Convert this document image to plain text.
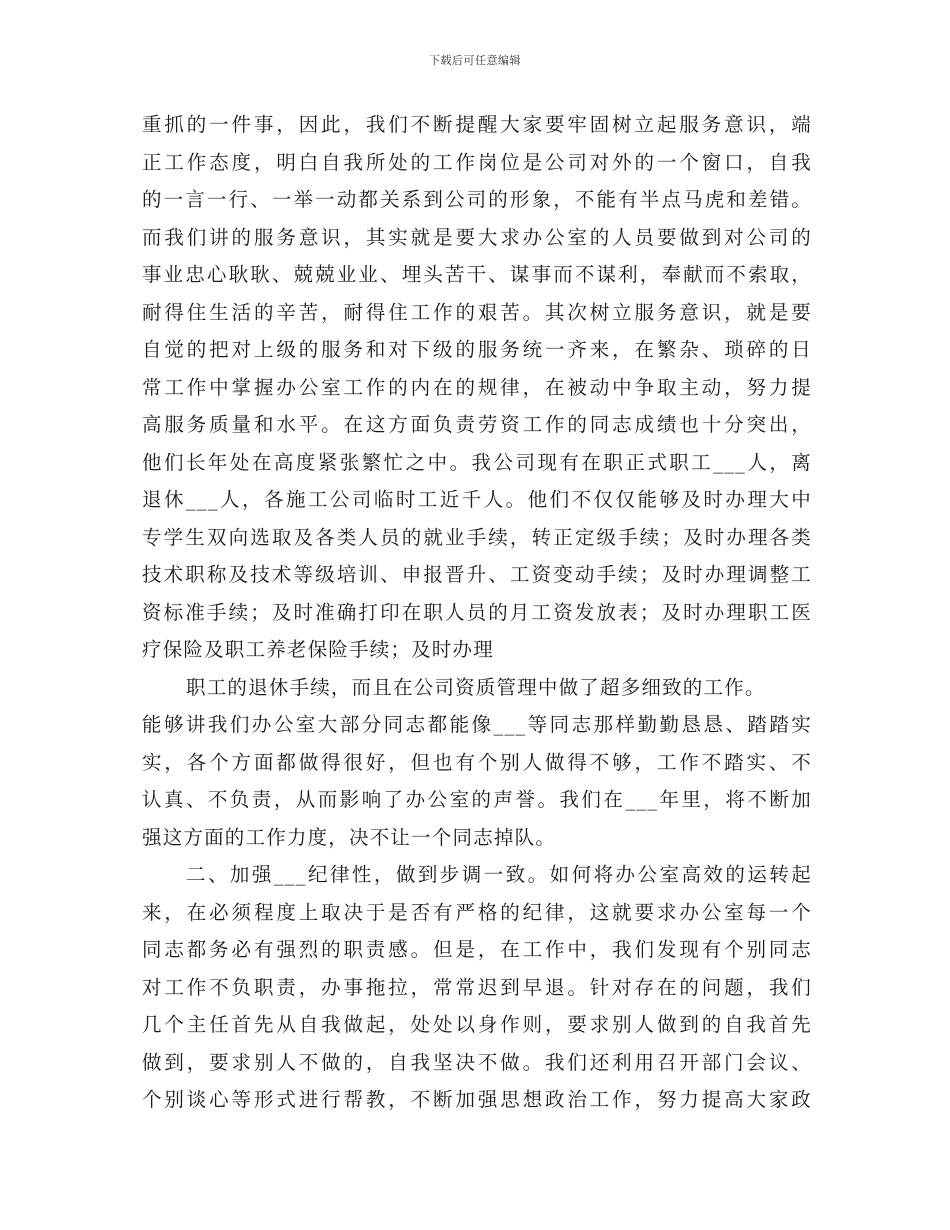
下载后可任意编辑
重抓的一件事，因此，我们不断提醒大家要牢固树立起服务意识，端
正工作态度，明白自我所处的工作岗位是公司对外的一个窗口，自我
的一言一行、一举一动都关系到公司的形象，不能有半点马虎和差错。
而我们讲的服务意识，其实就是要大求办公室的人员要做到对公司的
事业忠心耿耿、兢兢业业、埋头苦干、谋事而不谋利，奉献而不索取，
耐得住生活的辛苦，耐得住工作的艰苦。其次树立服务意识，就是要
自觉的把对上级的服务和对下级的服务统一齐来，在繁杂、琐碎的日
常工作中掌握办公室工作的内在的规律，在被动中争取主动，努力提
高服务质量和水平。在这方面负责劳资工作的同志成绩也十分突出，
他们长年处在高度紧张繁忙之中。我公司现有在职正式职工___人，离
退休___人，各施工公司临时工近千人。他们不仅仅能够及时办理大中
专学生双向选取及各类人员的就业手续，转正定级手续；及时办理各类
技术职称及技术等级培训、申报晋升、工资变动手续；及时办理调整工
资标准手续；及时准确打印在职人员的月工资发放表；及时办理职工医
疗保险及职工养老保险手续；及时办理
职工的退休手续，而且在公司资质管理中做了超多细致的工作。
能够讲我们办公室大部分同志都能像___等同志那样勤勤恳恳、踏踏实
实，各个方面都做得很好，但也有个别人做得不够，工作不踏实、不
认真、不负责，从而影响了办公室的声誉。我们在___年里，将不断加
强这方面的工作力度，决不让一个同志掉队。
二、加强___纪律性，做到步调一致。如何将办公室高效的运转起
来，在必须程度上取决于是否有严格的纪律，这就要求办公室每一个
同志都务必有强烈的职责感。但是，在工作中，我们发现有个别同志
对工作不负职责，办事拖拉，常常迟到早退。针对存在的问题，我们
几个主任首先从自我做起，处处以身作则，要求别人做到的自我首先
做到，要求别人不做的，自我坚决不做。我们还利用召开部门会议、
个别谈心等形式进行帮教，不断加强思想政治工作，努力提高大家政
